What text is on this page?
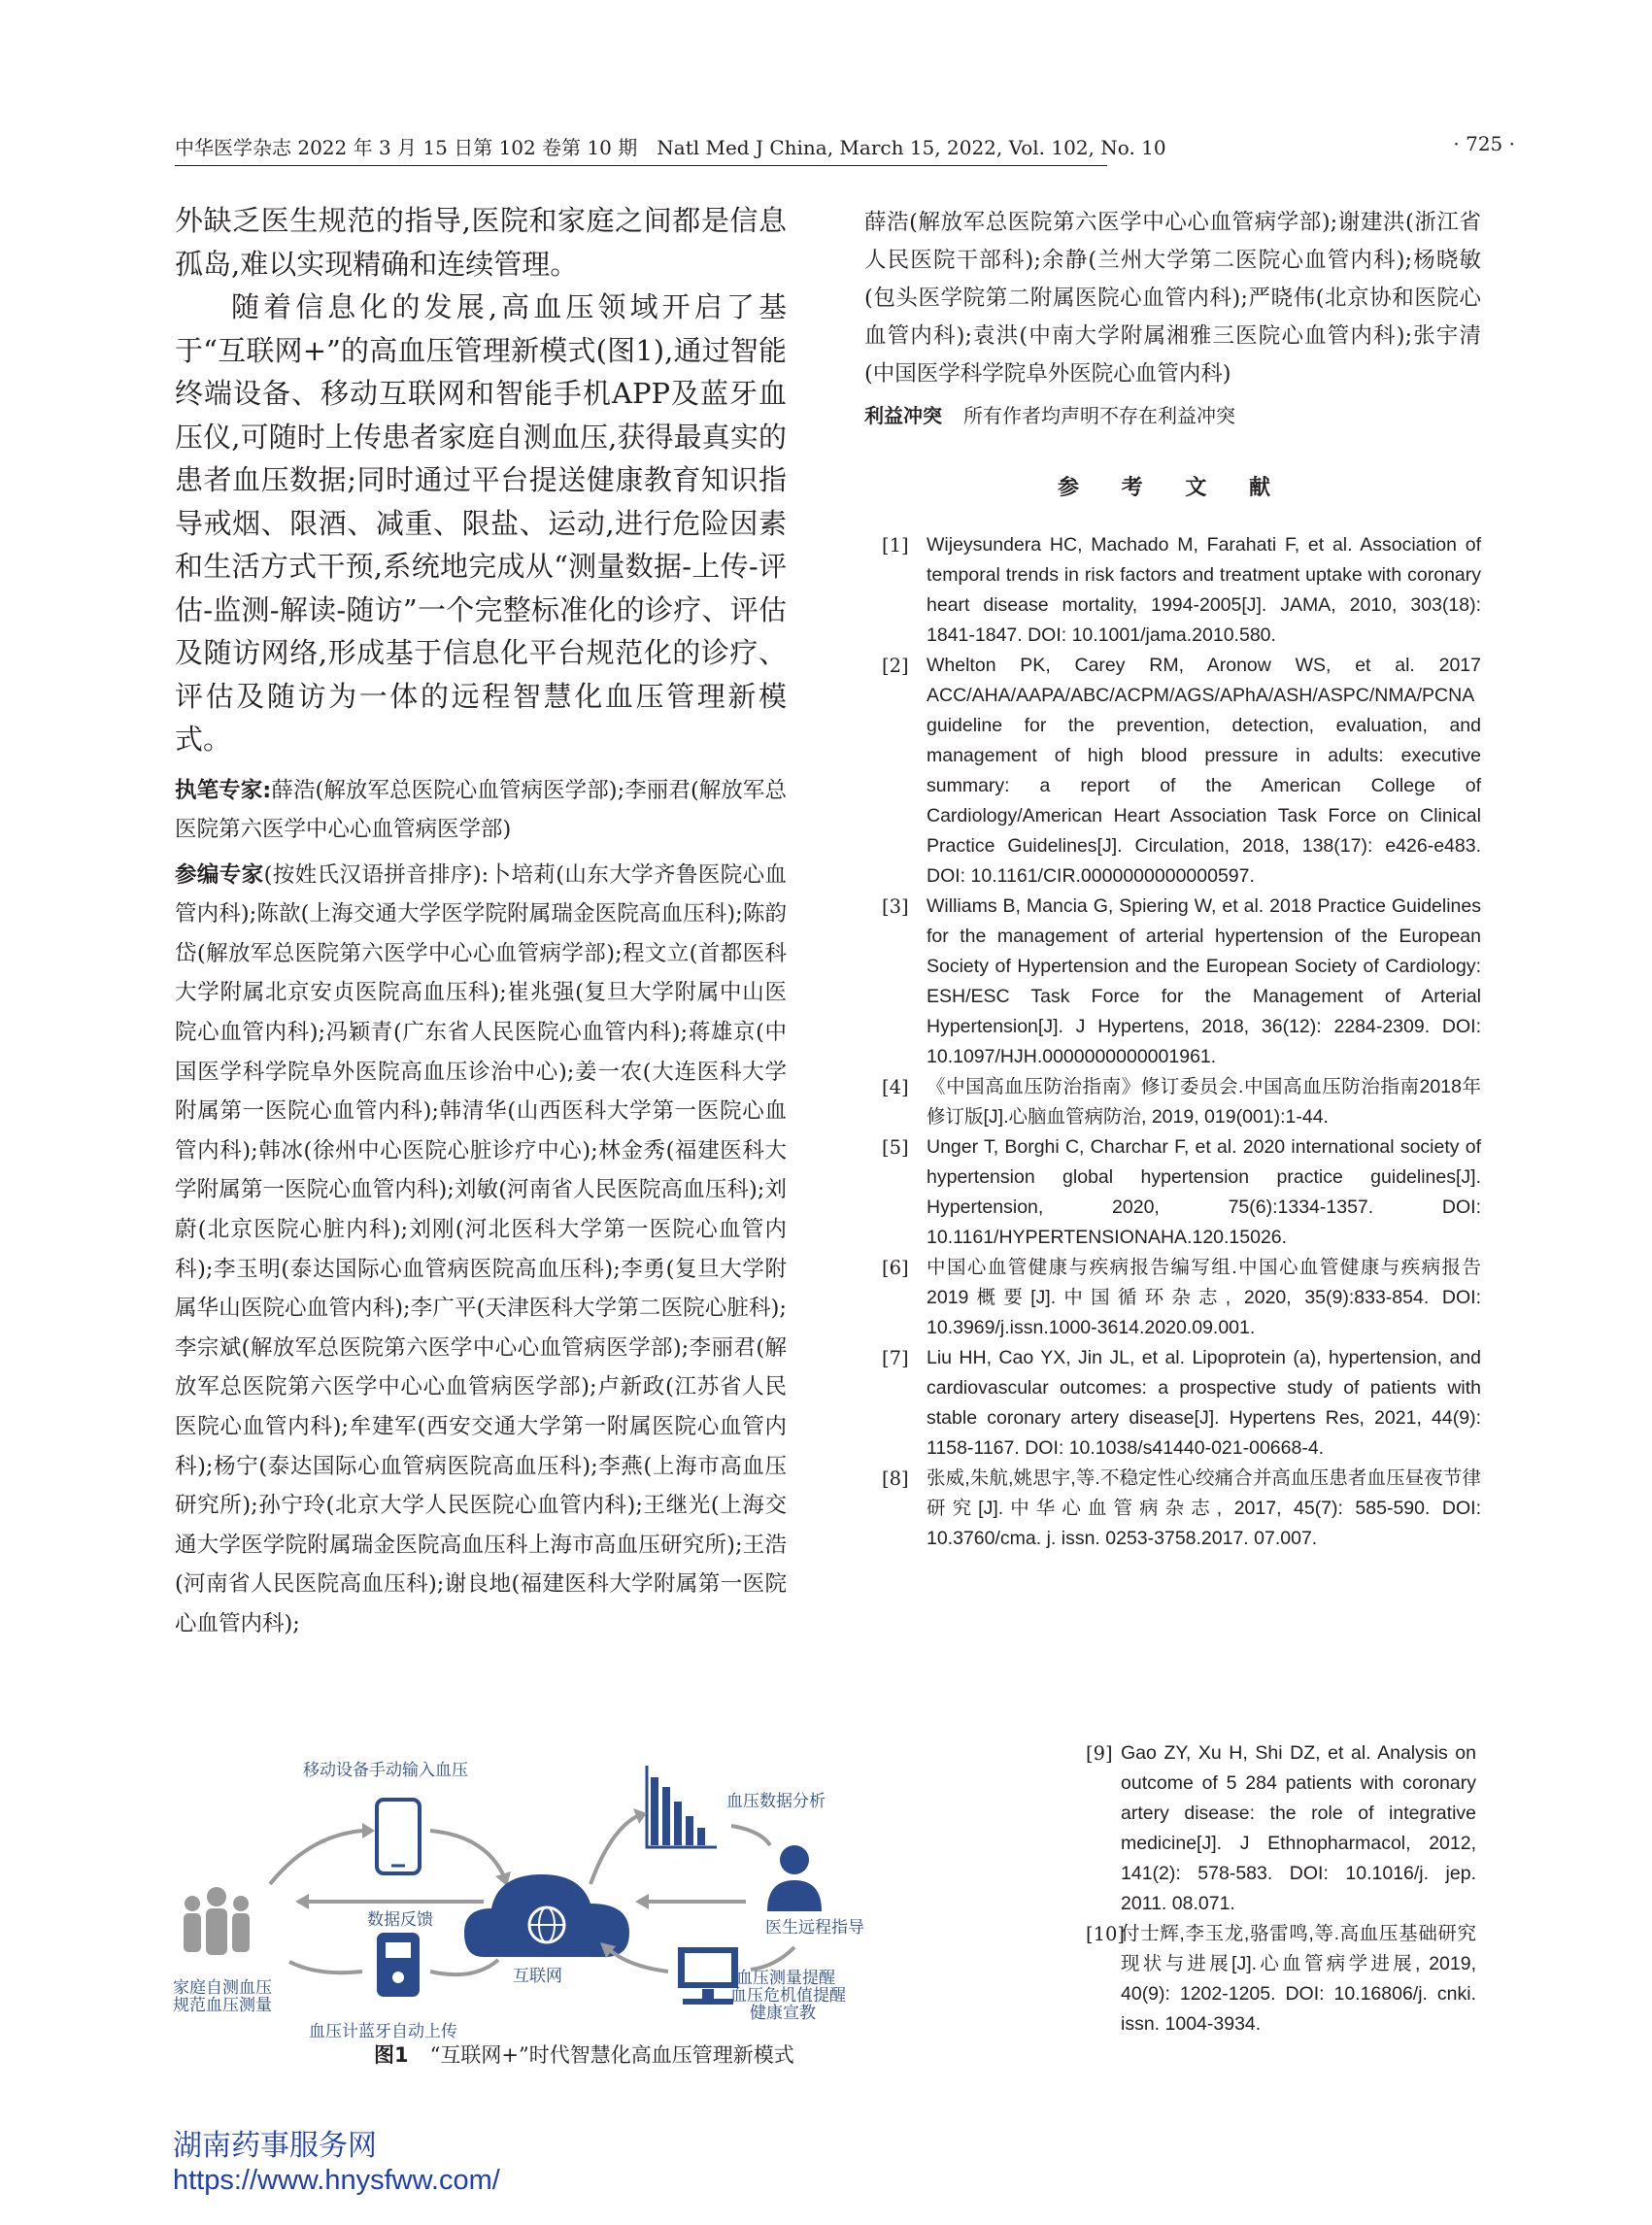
中华医学杂志 2022 年 3 月 15 日第 102 卷第 10 期　Natl Med J China, March 15, 2022, Vol. 102, No. 10	· 725 ·

外缺乏医生规范的指导,医院和家庭之间都是信息孤岛,难以实现精确和连续管理。

随着信息化的发展,高血压领域开启了基于“互联网+”的高血压管理新模式(图1),通过智能终端设备、移动互联网和智能手机APP及蓝牙血压仪,可随时上传患者家庭自测血压,获得最真实的患者血压数据;同时通过平台提送健康教育知识指导戒烟、限酒、减重、限盐、运动,进行危险因素和生活方式干预,系统地完成从“测量数据-上传-评估-监测-解读-随访”一个完整标准化的诊疗、评估及随访网络,形成基于信息化平台规范化的诊疗、评估及随访为一体的远程智慧化血压管理新模式。

执笔专家:薛浩(解放军总医院心血管病医学部);李丽君(解放军总医院第六医学中心心血管病医学部)

参编专家(按姓氏汉语拼音排序):卜培莉(山东大学齐鲁医院心血管内科);陈歆(上海交通大学医学院附属瑞金医院高血压科);陈韵岱(解放军总医院第六医学中心心血管病学部);程文立(首都医科大学附属北京安贞医院高血压科);崔兆强(复旦大学附属中山医院心血管内科);冯颖青(广东省人民医院心血管内科);蒋雄京(中国医学科学院阜外医院高血压诊治中心);姜一农(大连医科大学附属第一医院心血管内科);韩清华(山西医科大学第一医院心血管内科);韩冰(徐州中心医院心脏诊疗中心);林金秀(福建医科大学附属第一医院心血管内科);刘敏(河南省人民医院高血压科);刘蔚(北京医院心脏内科);刘刚(河北医科大学第一医院心血管内科);李玉明(泰达国际心血管病医院高血压科);李勇(复旦大学附属华山医院心血管内科);李广平(天津医科大学第二医院心脏科);李宗斌(解放军总医院第六医学中心心血管病医学部);李丽君(解放军总医院第六医学中心心血管病医学部);卢新政(江苏省人民医院心血管内科);牟建军(西安交通大学第一附属医院心血管内科);杨宁(泰达国际心血管病医院高血压科);李燕(上海市高血压研究所);孙宁玲(北京大学人民医院心血管内科);王继光(上海交通大学医学院附属瑞金医院高血压科上海市高血压研究所);王浩(河南省人民医院高血压科);谢良地(福建医科大学附属第一医院心血管内科);

薛浩(解放军总医院第六医学中心心血管病学部);谢建洪(浙江省人民医院干部科);余静(兰州大学第二医院心血管内科);杨晓敏(包头医学院第二附属医院心血管内科);严晓伟(北京协和医院心血管内科);袁洪(中南大学附属湘雅三医院心血管内科);张宇清(中国医学科学院阜外医院心血管内科)

利益冲突 所有作者均声明不存在利益冲突

参 考 文 献
[1] Wijeysundera HC, Machado M, Farahati F, et al. Association of temporal trends in risk factors and treatment uptake with coronary heart disease mortality, 1994-2005[J]. JAMA, 2010, 303(18): 1841-1847. DOI: 10.1001/jama.2010.580.
[2] Whelton PK, Carey RM, Aronow WS, et al. 2017 ACC/AHA/AAPA/ABC/ACPM/AGS/APhA/ASH/ASPC/NMA/PCNA guideline for the prevention, detection, evaluation, and management of high blood pressure in adults: executive summary: a report of the American College of Cardiology/American Heart Association Task Force on Clinical Practice Guidelines[J]. Circulation, 2018, 138(17): e426-e483. DOI: 10.1161/CIR.0000000000000597.
[3] Williams B, Mancia G, Spiering W, et al. 2018 Practice Guidelines for the management of arterial hypertension of the European Society of Hypertension and the European Society of Cardiology: ESH/ESC Task Force for the Management of Arterial Hypertension[J]. J Hypertens, 2018, 36(12): 2284-2309. DOI: 10.1097/HJH.0000000000001961.
[4] 《中国高血压防治指南》修订委员会.中国高血压防治指南2018年修订版[J].心脑血管病防治, 2019, 019(001):1-44.
[5] Unger T, Borghi C, Charchar F, et al. 2020 international society of hypertension global hypertension practice guidelines[J]. Hypertension, 2020, 75(6):1334-1357. DOI: 10.1161/HYPERTENSIONAHA.120.15026.
[6] 中国心血管健康与疾病报告编写组.中国心血管健康与疾病报告2019概要[J].中国循环杂志, 2020, 35(9):833-854. DOI: 10.3969/j.issn.1000-3614.2020.09.001.
[7] Liu HH, Cao YX, Jin JL, et al. Lipoprotein (a), hypertension, and cardiovascular outcomes: a prospective study of patients with stable coronary artery disease[J]. Hypertens Res, 2021, 44(9): 1158-1167. DOI: 10.1038/s41440-021-00668-4.
[8] 张威,朱航,姚思宇,等.不稳定性心绞痛合并高血压患者血压昼夜节律研究[J].中华心血管病杂志, 2017, 45(7): 585-590. DOI: 10.3760/cma. j. issn. 0253-3758.2017. 07.007.
[9] Gao ZY, Xu H, Shi DZ, et al. Analysis on outcome of 5 284 patients with coronary artery disease: the role of integrative medicine[J]. J Ethnopharmacol, 2012, 141(2): 578-583. DOI: 10.1016/j. jep. 2011. 08.071.
[10]
付士辉,李玉龙,骆雷鸣,等.高血压基础研究现状与进展[J].心血管病学进展, 2019, 40(9): 1202-1205. DOI: 10.16806/j. cnki. issn. 1004-3934.
家庭自测血压
规范血压测量
移动设备手动输入血压
数据反馈
互联网
血压计蓝牙自动上传
血压数据分析
医生远程指导
血压测量提醒
血压危机值提醒
健康宣教
图1 “互联网+”时代智慧化高血压管理新模式
湖南药事服务网
https://www.hnysfww.com/
